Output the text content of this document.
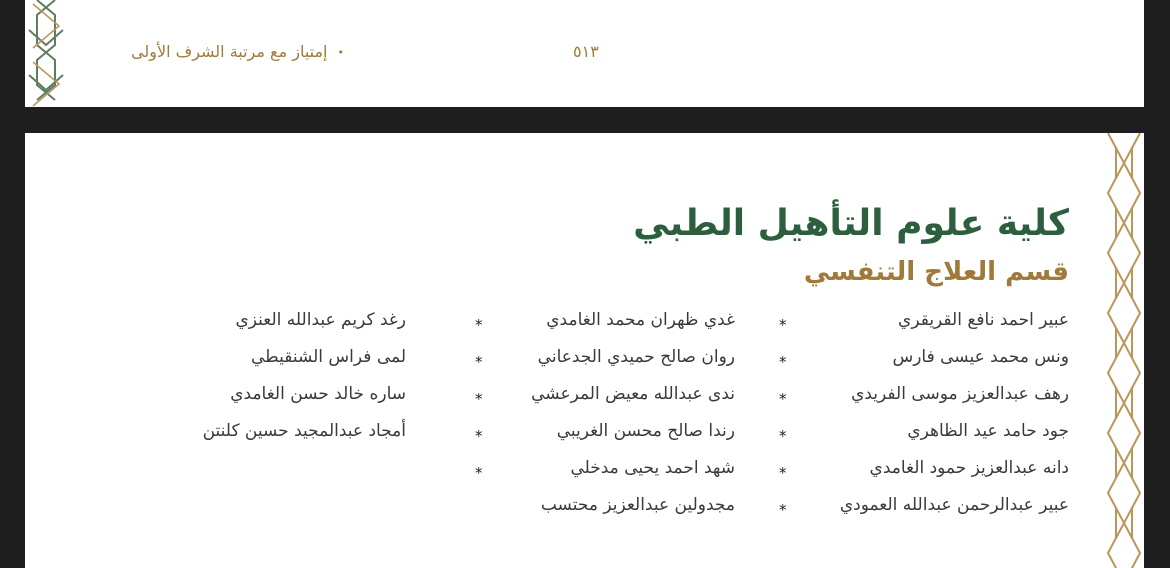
•إمتياز مع مرتبة الشرف الأولى	٥١٣
كلية علوم التأهيل الطبي
قسم العلاج التنفسي
عبير احمد نافع القريقري
*
ونس محمد عيسى فارس
*
رهف عبدالعزيز موسى الفريدي
*
جود حامد عيد الظاهري
*
دانه عبدالعزيز حمود الغامدي
*
عبير عبدالرحمن عبدالله العمودي
*
غدي ظهران محمد الغامدي
*
روان صالح حميدي الجدعاني
*
ندى عبدالله معيض المرعشي
*
رندا صالح محسن الغريبي
*
شهد احمد يحيى مدخلي
*
مجدولين عبدالعزيز محتسب
رغد كريم عبدالله العنزي
لمى فراس الشنقيطي
ساره خالد حسن الغامدي
أمجاد عبدالمجيد حسين كلنتن
